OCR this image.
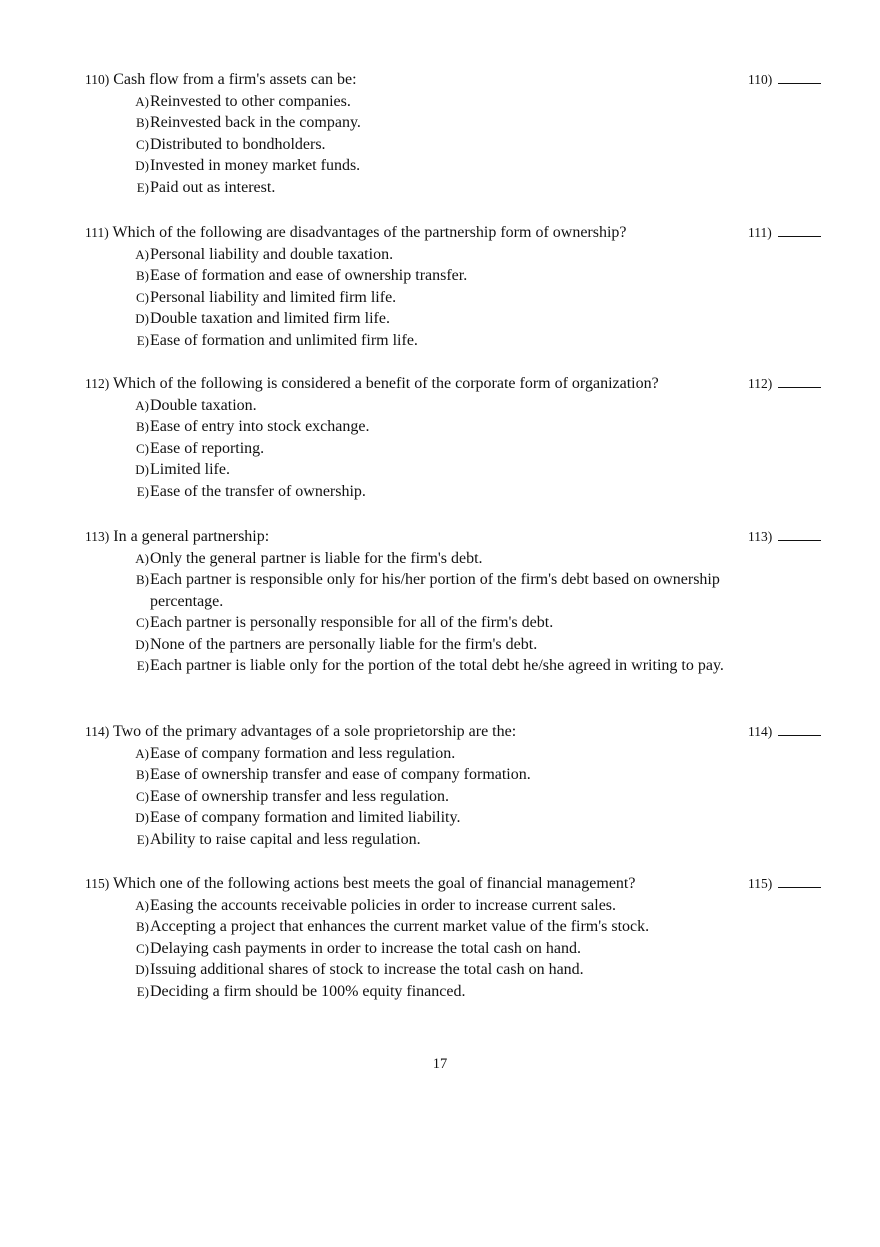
110) Cash flow from a firm's assets can be:	110)
A) Reinvested to other companies.
B) Reinvested back in the company.
C) Distributed to bondholders.
D) Invested in money market funds.
E) Paid out as interest.
111) Which of the following are disadvantages of the partnership form of ownership?	111)
A) Personal liability and double taxation.
B) Ease of formation and ease of ownership transfer.
C) Personal liability and limited firm life.
D) Double taxation and limited firm life.
E) Ease of formation and unlimited firm life.
112) Which of the following is considered a benefit of the corporate form of organization?	112)
A) Double taxation.
B) Ease of entry into stock exchange.
C) Ease of reporting.
D) Limited life.
E) Ease of the transfer of ownership.
113) In a general partnership:	113)
A) Only the general partner is liable for the firm's debt.
B) Each partner is responsible only for his/her portion of the firm's debt based on ownership percentage.
C) Each partner is personally responsible for all of the firm's debt.
D) None of the partners are personally liable for the firm's debt.
E) Each partner is liable only for the portion of the total debt he/she agreed in writing to pay.
114) Two of the primary advantages of a sole proprietorship are the:	114)
A) Ease of company formation and less regulation.
B) Ease of ownership transfer and ease of company formation.
C) Ease of ownership transfer and less regulation.
D) Ease of company formation and limited liability.
E) Ability to raise capital and less regulation.
115) Which one of the following actions best meets the goal of financial management?	115)
A) Easing the accounts receivable policies in order to increase current sales.
B) Accepting a project that enhances the current market value of the firm's stock.
C) Delaying cash payments in order to increase the total cash on hand.
D) Issuing additional shares of stock to increase the total cash on hand.
E) Deciding a firm should be 100% equity financed.
17
